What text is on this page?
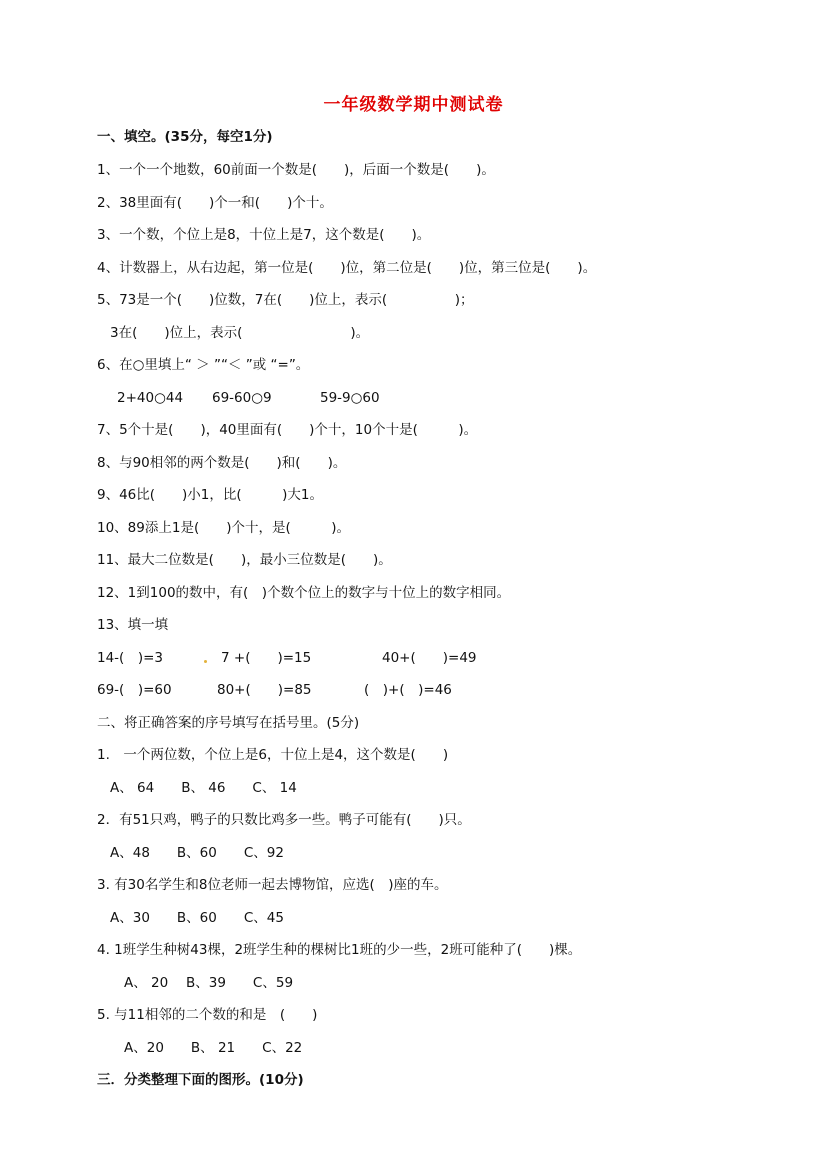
一年级数学期中测试卷
一、填空。(35分，每空1分)
1、一个一个地数，60前面一个数是(　　)，后面一个数是(　　)。
2、38里面有(　　)个一和(　　)个十。
3、一个数，个位上是8，十位上是7，这个数是(　　)。
4、计数器上，从右边起，第一位是(　　)位，第二位是(　　)位，第三位是(　　)。
5、73是一个(　　)位数，7在(　　)位上，表示(　　　　　)；
3在(　　)位上，表示(　　　　　　　　)。
6、在○里填上“ ＞ ”“＜ ”或 “=”。
2+40○44 69-60○9	59-9○60
7、5个十是(　　)，40里面有(　　)个十，10个十是(　　　)。
8、与90相邻的两个数是(　　)和(　　)。
9、46比(　　)小1，比(　　　)大1。
10、89添上1是(　　)个十，是(　　　)。
11、最大二位数是(　　)，最小三位数是(　　)。
12、1到100的数中，有(　)个数个位上的数字与十位上的数字相同。
13、填一填
14-(　)=3	7 +(　　)=15	40+(　　)=49
69-(　)=60	80+(　　)=85	(　)+(　)=46
二、将正确答案的序号填写在括号里。(5分)
1.　一个两位数，个位上是6，十位上是4，这个数是(　　)
A、 64　　B、 46　　C、 14
2．有51只鸡，鸭子的只数比鸡多一些。鸭子可能有(　　)只。
A、48　　B、60　　C、92
3. 有30名学生和8位老师一起去博物馆，应选(　)座的车。
A、30　　B、60　　C、45
4. 1班学生种树43棵，2班学生种的棵树比1班的少一些，2班可能种了(　　)棵。
A、 20　 B、39　　C、59
5. 与11相邻的二个数的和是　(　　)
A、20　　B、 21　　C、22
三．分类整理下面的图形。(10分)
